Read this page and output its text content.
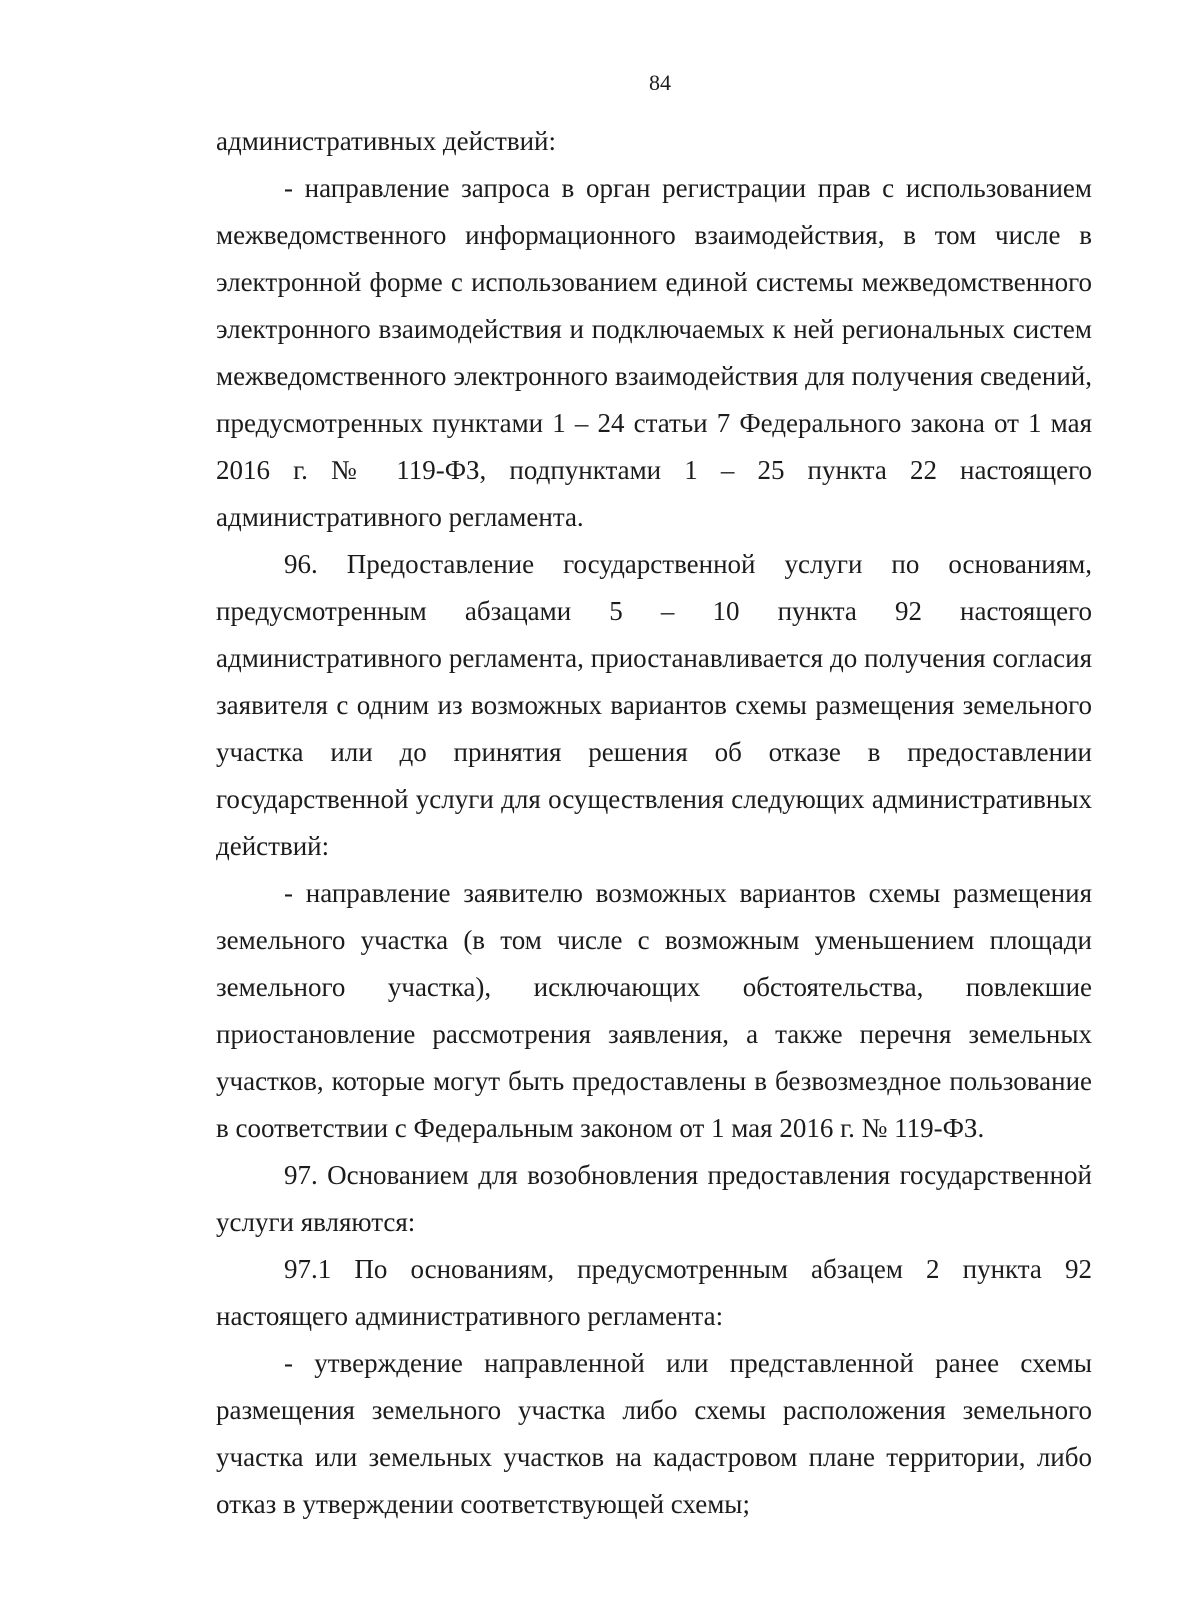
84

административных действий:

- направление запроса в орган регистрации прав с использованием межведомственного информационного взаимодействия, в том числе в электронной форме с использованием единой системы межведомственного электронного взаимодействия и подключаемых к ней региональных систем межведомственного электронного взаимодействия для получения сведений, предусмотренных пунктами 1 – 24 статьи 7 Федерального закона от 1 мая 2016 г. № 119-ФЗ, подпунктами 1 – 25 пункта 22 настоящего административного регламента.

96. Предоставление государственной услуги по основаниям, предусмотренным абзацами 5 – 10 пункта 92 настоящего административного регламента, приостанавливается до получения согласия заявителя с одним из возможных вариантов схемы размещения земельного участка или до принятия решения об отказе в предоставлении государственной услуги для осуществления следующих административных действий:

- направление заявителю возможных вариантов схемы размещения земельного участка (в том числе с возможным уменьшением площади земельного участка), исключающих обстоятельства, повлекшие приостановление рассмотрения заявления, а также перечня земельных участков, которые могут быть предоставлены в безвозмездное пользование в соответствии с Федеральным законом от 1 мая 2016 г. № 119-ФЗ.

97. Основанием для возобновления предоставления государственной услуги являются:

97.1 По основаниям, предусмотренным абзацем 2 пункта 92 настоящего административного регламента:

- утверждение направленной или представленной ранее схемы размещения земельного участка либо схемы расположения земельного участка или земельных участков на кадастровом плане территории, либо отказ в утверждении соответствующей схемы;
